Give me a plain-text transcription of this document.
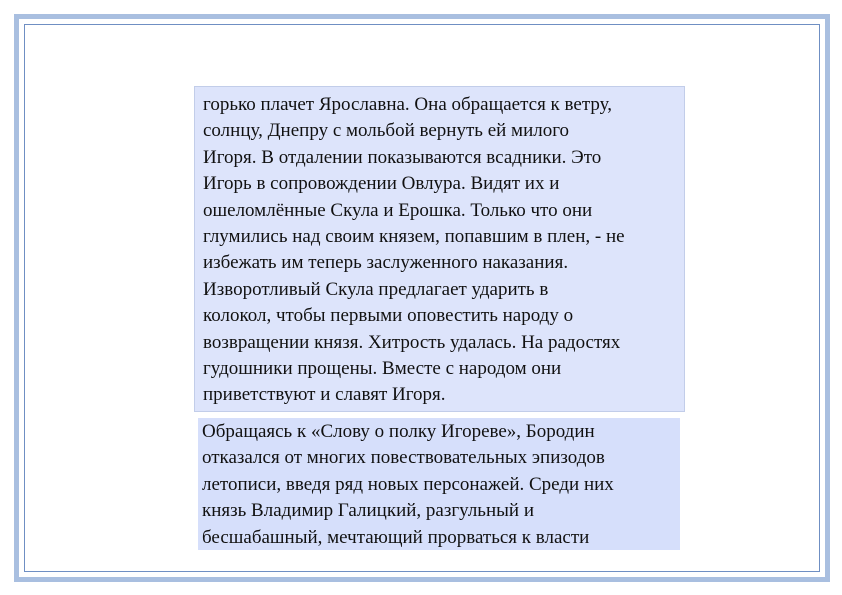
горько плачет Ярославна. Она обращается к ветру,
солнцу, Днепру с мольбой вернуть ей милого
Игоря. В отдалении показываются всадники. Это
Игорь в сопровождении Овлура. Видят их и
ошеломлённые Скула и Ерошка. Только что они
глумились над своим князем, попавшим в плен, - не
избежать им теперь заслуженного наказания.
Изворотливый Скула предлагает ударить в
колокол, чтобы первыми оповестить народу о
возвращении князя. Хитрость удалась. На радостях
гудошники прощены. Вместе с народом они
приветствуют и славят Игоря.
Обращаясь к «Слову о полку Игореве», Бородин
отказался от многих повествовательных эпизодов
летописи, введя ряд новых персонажей. Среди них
князь Владимир Галицкий, разгульный и
бесшабашный, мечтающий прорваться к власти
